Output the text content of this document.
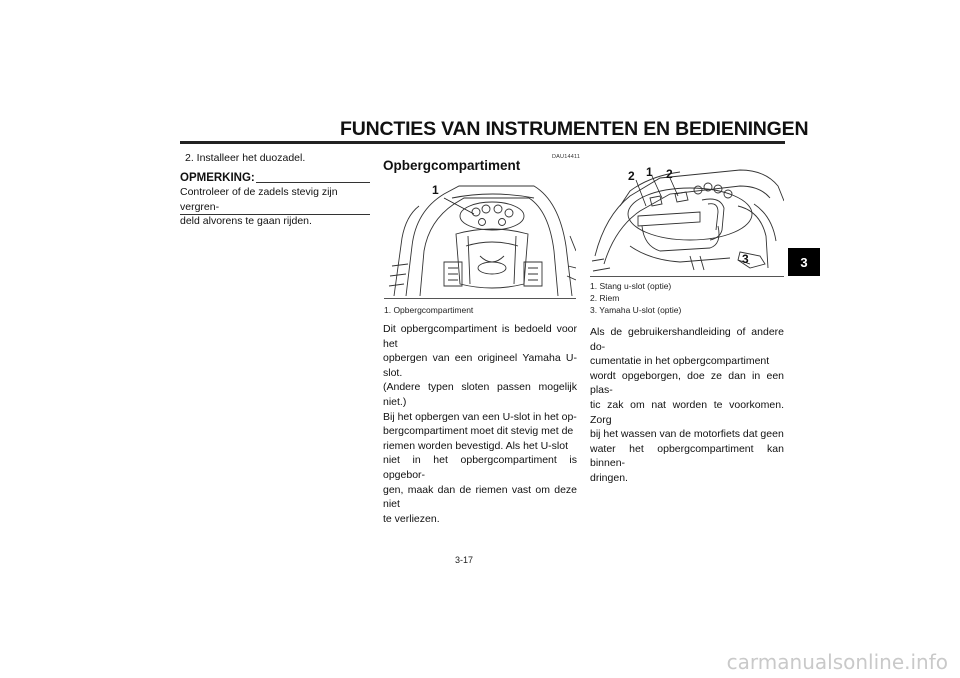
FUNCTIES VAN INSTRUMENTEN EN BEDIENINGEN
3
2. Installeer het duozadel.
OPMERKING:
Controleer of de zadels stevig zijn vergren-
deld alvorens te gaan rijden.
DAU14411
Opbergcompartiment
1
1. Opbergcompartiment
Dit opbergcompartiment is bedoeld voor het
opbergen van een origineel Yamaha U-slot.
(Andere typen sloten passen mogelijk niet.)
Bij het opbergen van een U-slot in het op-
bergcompartiment moet dit stevig met de
riemen worden bevestigd. Als het U-slot
niet in het opbergcompartiment is opgebor-
gen, maak dan de riemen vast om deze niet
te verliezen.
2 1 2
3
1. Stang u-slot (optie)
2. Riem
3. Yamaha U-slot (optie)
Als de gebruikershandleiding of andere do-
cumentatie in het opbergcompartiment
wordt opgeborgen, doe ze dan in een plas-
tic zak om nat worden te voorkomen. Zorg
bij het wassen van de motorfiets dat geen
water het opbergcompartiment kan binnen-
dringen.
3-17
carmanualsonline.info
